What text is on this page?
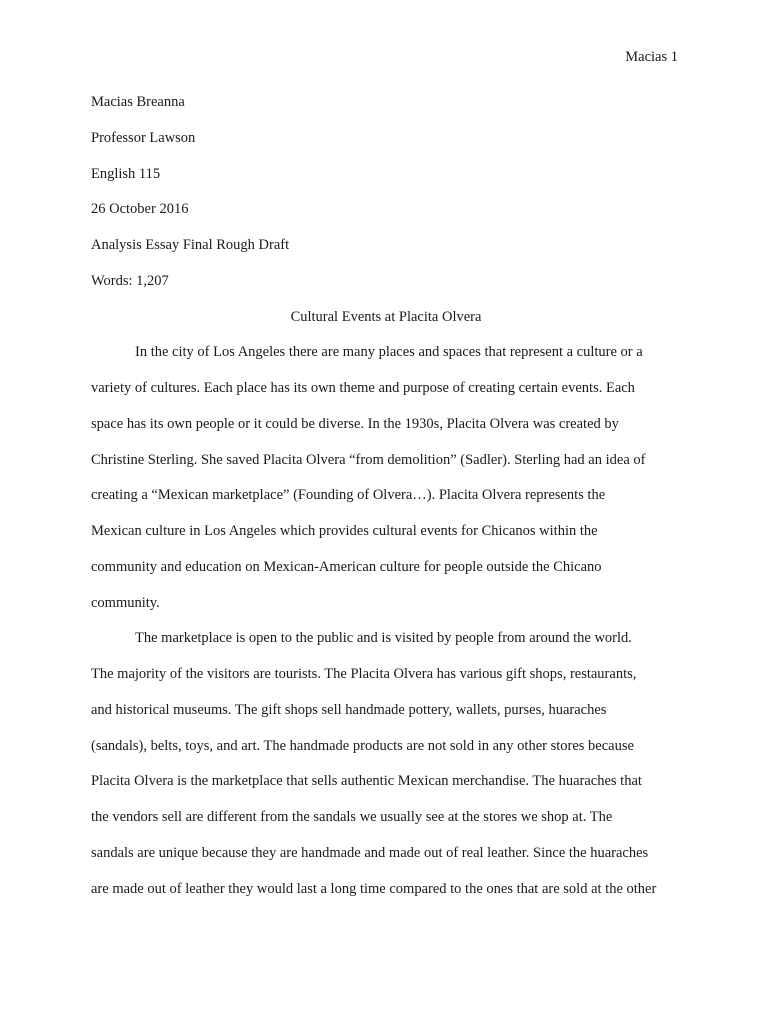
Macias 1
Macias Breanna
Professor Lawson
English 115
26 October 2016
Analysis Essay Final Rough Draft
Words: 1,207
Cultural Events at Placita Olvera
In the city of Los Angeles there are many places and spaces that represent a culture or a
variety of cultures. Each place has its own theme and purpose of creating certain events. Each
space has its own people or it could be diverse. In the 1930s, Placita Olvera was created by
Christine Sterling. She saved Placita Olvera “from demolition” (Sadler). Sterling had an idea of
creating a “Mexican marketplace” (Founding of Olvera…). Placita Olvera represents the
Mexican culture in Los Angeles which provides cultural events for Chicanos within the
community and education on Mexican-American culture for people outside the Chicano
community.
The marketplace is open to the public and is visited by people from around the world.
The majority of the visitors are tourists. The Placita Olvera has various gift shops, restaurants,
and historical museums. The gift shops sell handmade pottery, wallets, purses, huaraches
(sandals), belts, toys, and art. The handmade products are not sold in any other stores because
Placita Olvera is the marketplace that sells authentic Mexican merchandise. The huaraches that
the vendors sell are different from the sandals we usually see at the stores we shop at. The
sandals are unique because they are handmade and made out of real leather. Since the huaraches
are made out of leather they would last a long time compared to the ones that are sold at the other
